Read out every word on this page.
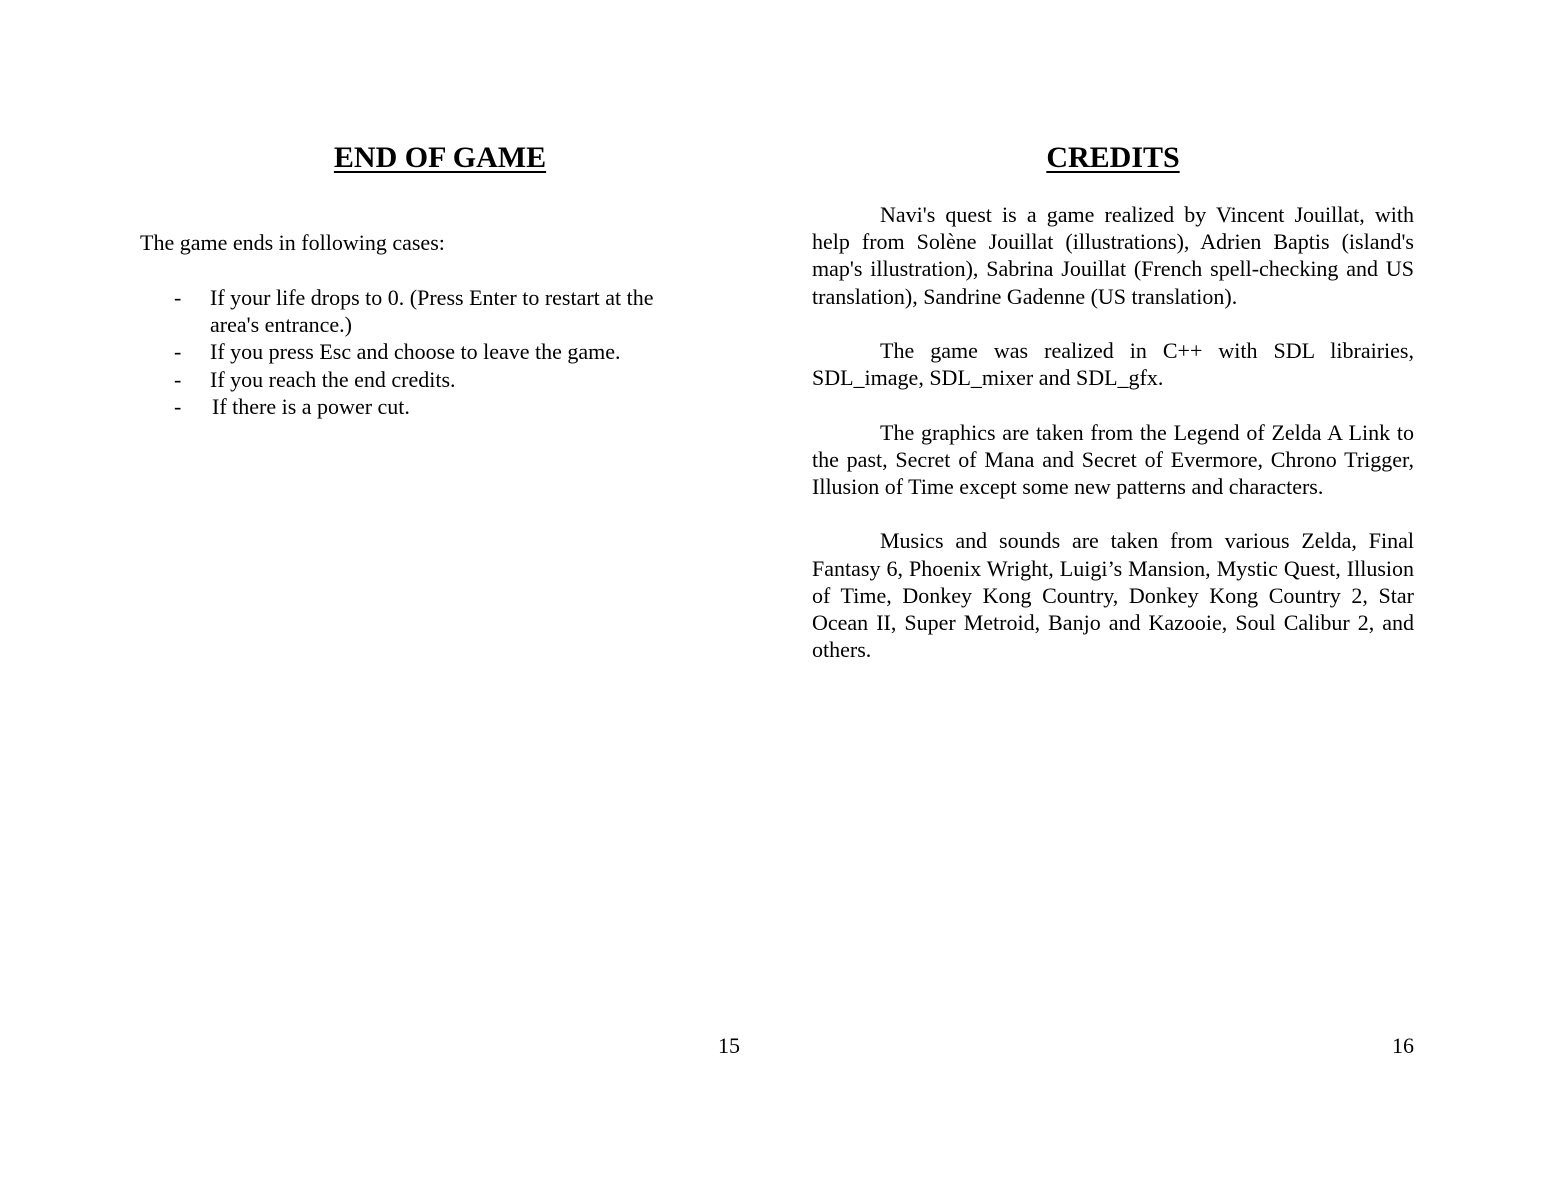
END OF GAME

The game ends in following cases:

- If your life drops to 0. (Press Enter to restart at the area's entrance.)
- If you press Esc and choose to leave the game.
- If you reach the end credits.
- If there is a power cut.
15
CREDITS

Navi's quest is a game realized by Vincent Jouillat, with help from Solène Jouillat (illustrations), Adrien Baptis (island's map's illustration), Sabrina Jouillat (French spell-checking and US translation), Sandrine Gadenne (US translation).

The game was realized in C++ with SDL librairies, SDL_image, SDL_mixer and SDL_gfx.

The graphics are taken from the Legend of Zelda A Link to the past, Secret of Mana and Secret of Evermore, Chrono Trigger, Illusion of Time except some new patterns and characters.

Musics and sounds are taken from various Zelda, Final Fantasy 6, Phoenix Wright, Luigi’s Mansion, Mystic Quest, Illusion of Time, Donkey Kong Country, Donkey Kong Country 2, Star Ocean II, Super Metroid, Banjo and Kazooie, Soul Calibur 2, and others.

16
